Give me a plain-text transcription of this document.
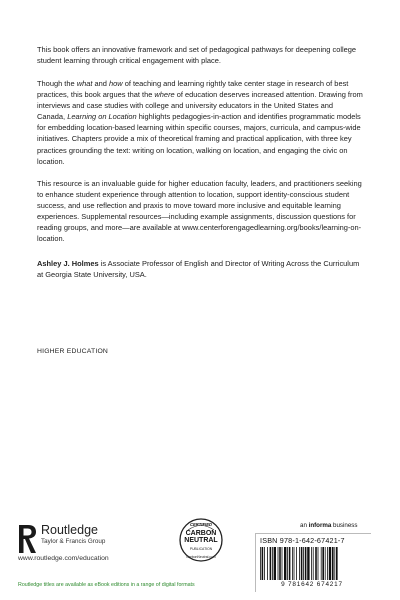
This book offers an innovative framework and set of pedagogical pathways for deepening college student learning through critical engagement with place.

Though the what and how of teaching and learning rightly take center stage in research of best practices, this book argues that the where of education deserves increased attention. Drawing from interviews and case studies with college and university educators in the United States and Canada, Learning on Location highlights pedagogies-in-action and identifies programmatic models for embedding location-based learning within specific courses, majors, curricula, and campus-wide initiatives. Chapters provide a mix of theoretical framing and practical application, with three key practices grounding the text: writing on location, walking on location, and engaging the civic on location.

This resource is an invaluable guide for higher education faculty, leaders, and practitioners seeking to enhance student experience through attention to location, support identity-conscious student success, and use reflection and praxis to move toward more inclusive and equitable learning experiences. Supplemental resources—including example assignments, discussion questions for reading groups, and more—are available at www.centerforengagedlearning.org/books/learning-on-location.

Ashley J. Holmes is Associate Professor of English and Director of Writing Across the Curriculum at Georgia State University, USA.

HIGHER EDUCATION

Routledge
Taylor & Francis Group
www.routledge.com/education
CERTIFIED
CARBON
NEUTRAL
PUBLICATION
CarbonNeutral.com
an informa business
ISBN 978-1-642-67421-7
9 781642 674217
Routledge titles are available as eBook editions in a range of digital formats
